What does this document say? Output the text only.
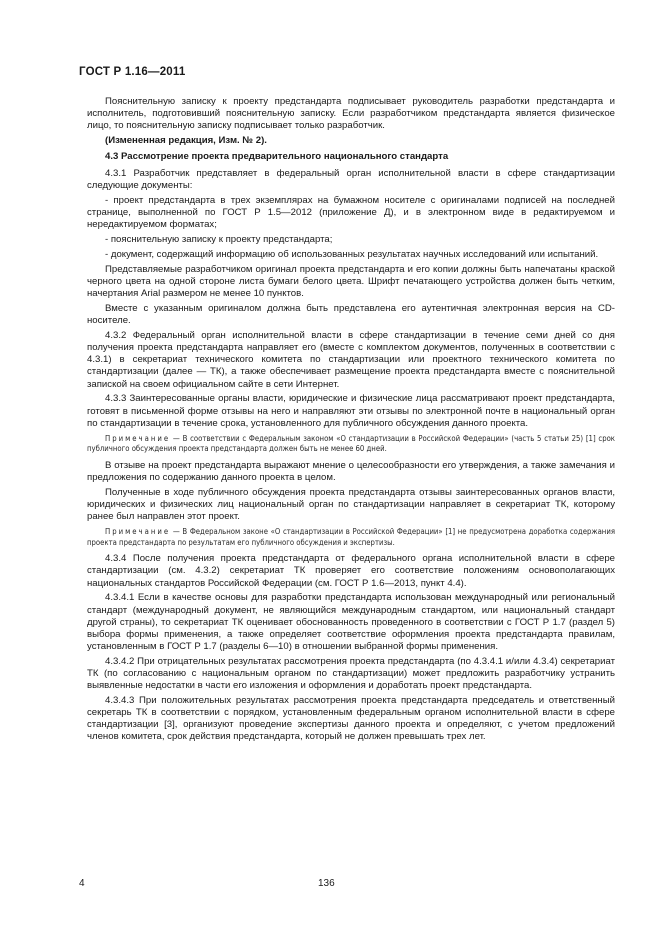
ГОСТ Р 1.16—2011

Пояснительную записку к проекту предстандарта подписывает руководитель разработки предстандарта и исполнитель, подготовивший пояснительную записку. Если разработчиком предстандарта является физическое лицо, то пояснительную записку подписывает только разработчик.

(Измененная редакция, Изм. № 2).

4.3 Рассмотрение проекта предварительного национального стандарта

4.3.1 Разработчик представляет в федеральный орган исполнительной власти в сфере стандартизации следующие документы:

- проект предстандарта в трех экземплярах на бумажном носителе с оригиналами подписей на последней странице, выполненной по ГОСТ Р 1.5—2012 (приложение Д), и в электронном виде в редактируемом и нередактируемом форматах;

- пояснительную записку к проекту предстандарта;

- документ, содержащий информацию об использованных результатах научных исследований или испытаний.

Представляемые разработчиком оригинал проекта предстандарта и его копии должны быть напечатаны краской черного цвета на одной стороне листа бумаги белого цвета. Шрифт печатающего устройства должен быть четким, начертания Arial размером не менее 10 пунктов.

Вместе с указанным оригиналом должна быть представлена его аутентичная электронная версия на CD-носителе.

4.3.2 Федеральный орган исполнительной власти в сфере стандартизации в течение семи дней со дня получения проекта предстандарта направляет его (вместе с комплектом документов, полученных в соответствии с 4.3.1) в секретариат технического комитета по стандартизации или проектного технического комитета по стандартизации (далее — ТК), а также обеспечивает размещение проекта предстандарта вместе с пояснительной запиской на своем официальном сайте в сети Интернет.

4.3.3 Заинтересованные органы власти, юридические и физические лица рассматривают проект предстандарта, готовят в письменной форме отзывы на него и направляют эти отзывы по электронной почте в национальный орган по стандартизации в течение срока, установленного для публичного обсуждения данного проекта.

Примечание — В соответствии с Федеральным законом «О стандартизации в Российской Федерации» (часть 5 статьи 25) [1] срок публичного обсуждения проекта предстандарта должен быть не менее 60 дней.

В отзыве на проект предстандарта выражают мнение о целесообразности его утверждения, а также замечания и предложения по содержанию данного проекта в целом.

Полученные в ходе публичного обсуждения проекта предстандарта отзывы заинтересованных органов власти, юридических и физических лиц национальный орган по стандартизации направляет в секретариат ТК, которому ранее был направлен этот проект.

Примечание — В Федеральном законе «О стандартизации в Российской Федерации» [1] не предусмотрена доработка содержания проекта предстандарта по результатам его публичного обсуждения и экспертизы.

4.3.4 После получения проекта предстандарта от федерального органа исполнительной власти в сфере стандартизации (см. 4.3.2) секретариат ТК проверяет его соответствие положениям основополагающих национальных стандартов Российской Федерации (см. ГОСТ Р 1.6—2013, пункт 4.4).

4.3.4.1 Если в качестве основы для разработки предстандарта использован международный или региональный стандарт (международный документ, не являющийся международным стандартом, или национальный стандарт другой страны), то секретариат ТК оценивает обоснованность проведенного в соответствии с ГОСТ Р 1.7 (раздел 5) выбора формы применения, а также определяет соответствие оформления проекта предстандарта правилам, установленным в ГОСТ Р 1.7 (разделы 6—10) в отношении выбранной формы применения.

4.3.4.2 При отрицательных результатах рассмотрения проекта предстандарта (по 4.3.4.1 и/или 4.3.4) секретариат ТК (по согласованию с национальным органом по стандартизации) может предложить разработчику устранить выявленные недостатки в части его изложения и оформления и доработать проект предстандарта.

4.3.4.3 При положительных результатах рассмотрения проекта предстандарта председатель и ответственный секретарь ТК в соответствии с порядком, установленным федеральным органом исполнительной власти в сфере стандартизации [3], организуют проведение экспертизы данного проекта и определяют, с учетом предложений членов комитета, срок действия предстандарта, который не должен превышать трех лет.

4	136
